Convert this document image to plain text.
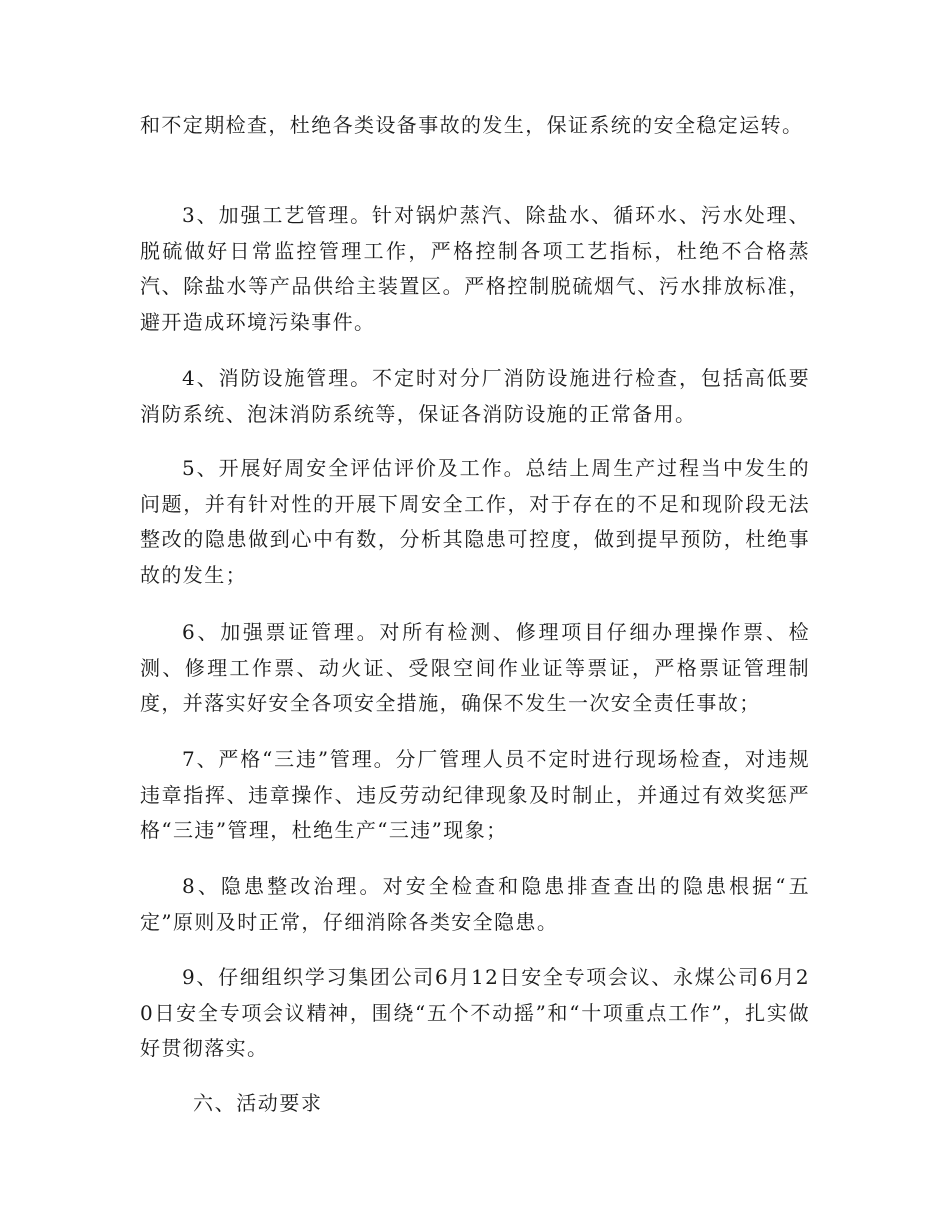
和不定期检查，杜绝各类设备事故的发生，保证系统的安全稳定运转。

3、加强工艺管理。针对锅炉蒸汽、除盐水、循环水、污水处理、脱硫做好日常监控管理工作，严格控制各项工艺指标，杜绝不合格蒸汽、除盐水等产品供给主装置区。严格控制脱硫烟气、污水排放标准，避开造成环境污染事件。

4、消防设施管理。不定时对分厂消防设施进行检查，包括高低要消防系统、泡沫消防系统等，保证各消防设施的正常备用。

5、开展好周安全评估评价及工作。总结上周生产过程当中发生的问题，并有针对性的开展下周安全工作，对于存在的不足和现阶段无法整改的隐患做到心中有数，分析其隐患可控度，做到提早预防，杜绝事故的发生；

6、加强票证管理。对所有检测、修理项目仔细办理操作票、检测、修理工作票、动火证、受限空间作业证等票证，严格票证管理制度，并落实好安全各项安全措施，确保不发生一次安全责任事故；

7、严格“三违”管理。分厂管理人员不定时进行现场检查，对违规违章指挥、违章操作、违反劳动纪律现象及时制止，并通过有效奖惩严格“三违”管理，杜绝生产“三违”现象；

8、隐患整改治理。对安全检查和隐患排查查出的隐患根据“五定”原则及时正常，仔细消除各类安全隐患。

9、仔细组织学习集团公司6月12日安全专项会议、永煤公司6月20日安全专项会议精神，围绕“五个不动摇”和“十项重点工作”，扎实做好贯彻落实。

六、活动要求
